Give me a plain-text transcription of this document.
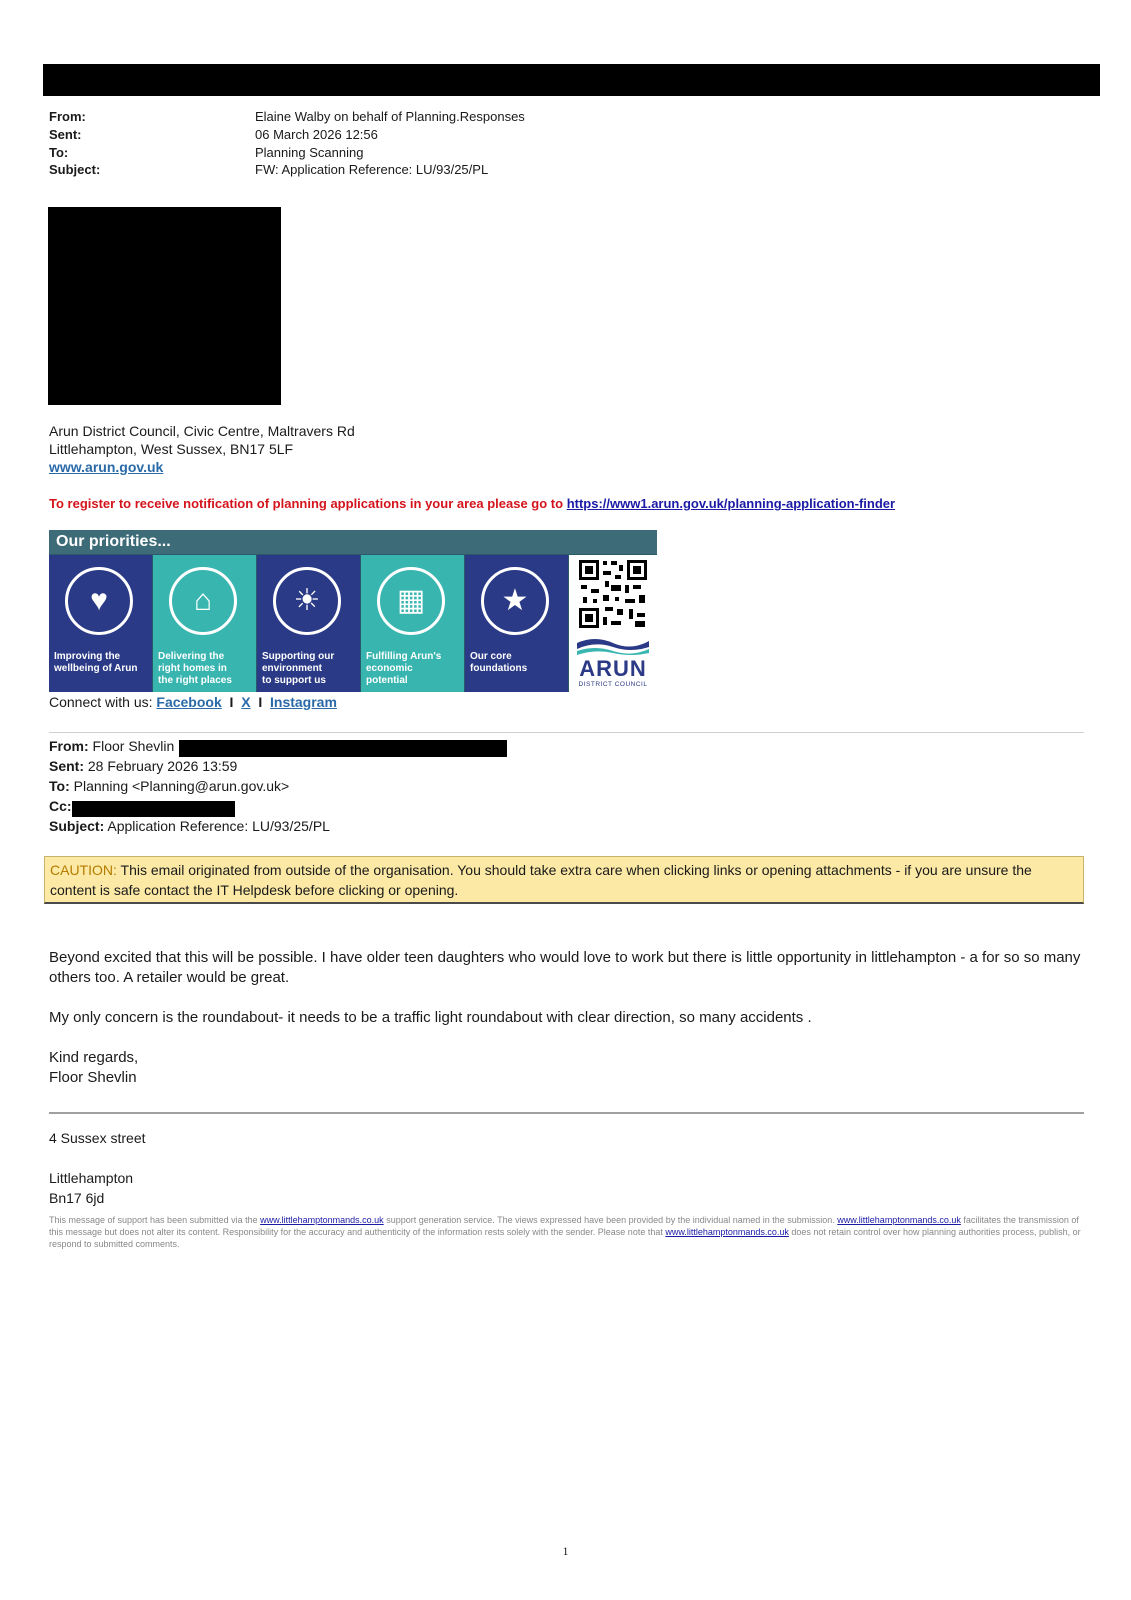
From:	Elaine Walby on behalf of Planning.Responses
Sent:	06 March 2026 12:56
To:	Planning Scanning
Subject:	FW: Application Reference: LU/93/25/PL
Arun District Council, Civic Centre, Maltravers Rd
Littlehampton, West Sussex, BN17 5LF
www.arun.gov.uk
To register to receive notification of planning applications in your area please go to https://www1.arun.gov.uk/planning-application-finder
Our priorities...
♥
Improving the
wellbeing of Arun
⌂
Delivering the
right homes in
the right places
☀
Supporting our
environment
to support us
▦
Fulfilling Arun's
economic
potential
★
Our core
foundations	ARUN
DISTRICT COUNCIL
Connect with us: Facebook I X I Instagram
From: Floor Shevlin
Sent: 28 February 2026 13:59
To: Planning <Planning@arun.gov.uk>
Cc:
Subject: Application Reference: LU/93/25/PL
CAUTION: This email originated from outside of the organisation. You should take extra care when clicking links or opening attachments - if you are unsure the content is safe contact the IT Helpdesk before clicking or opening.
Beyond excited that this will be possible. I have older teen daughters who would love to work but there is little opportunity in littlehampton - a for so so many others too. A retailer would be great.
My only concern is the roundabout- it needs to be a traffic light roundabout with clear direction, so many accidents .
Kind regards,
Floor Shevlin
4 Sussex street
Littlehampton
Bn17 6jd
This message of support has been submitted via the www.littlehamptonmands.co.uk support generation service. The views expressed have been provided by the individual named in the submission. www.littlehamptonmands.co.uk facilitates the transmission of this message but does not alter its content. Responsibility for the accuracy and authenticity of the information rests solely with the sender. Please note that www.littlehamptonmands.co.uk does not retain control over how planning authorities process, publish, or respond to submitted comments.
1
